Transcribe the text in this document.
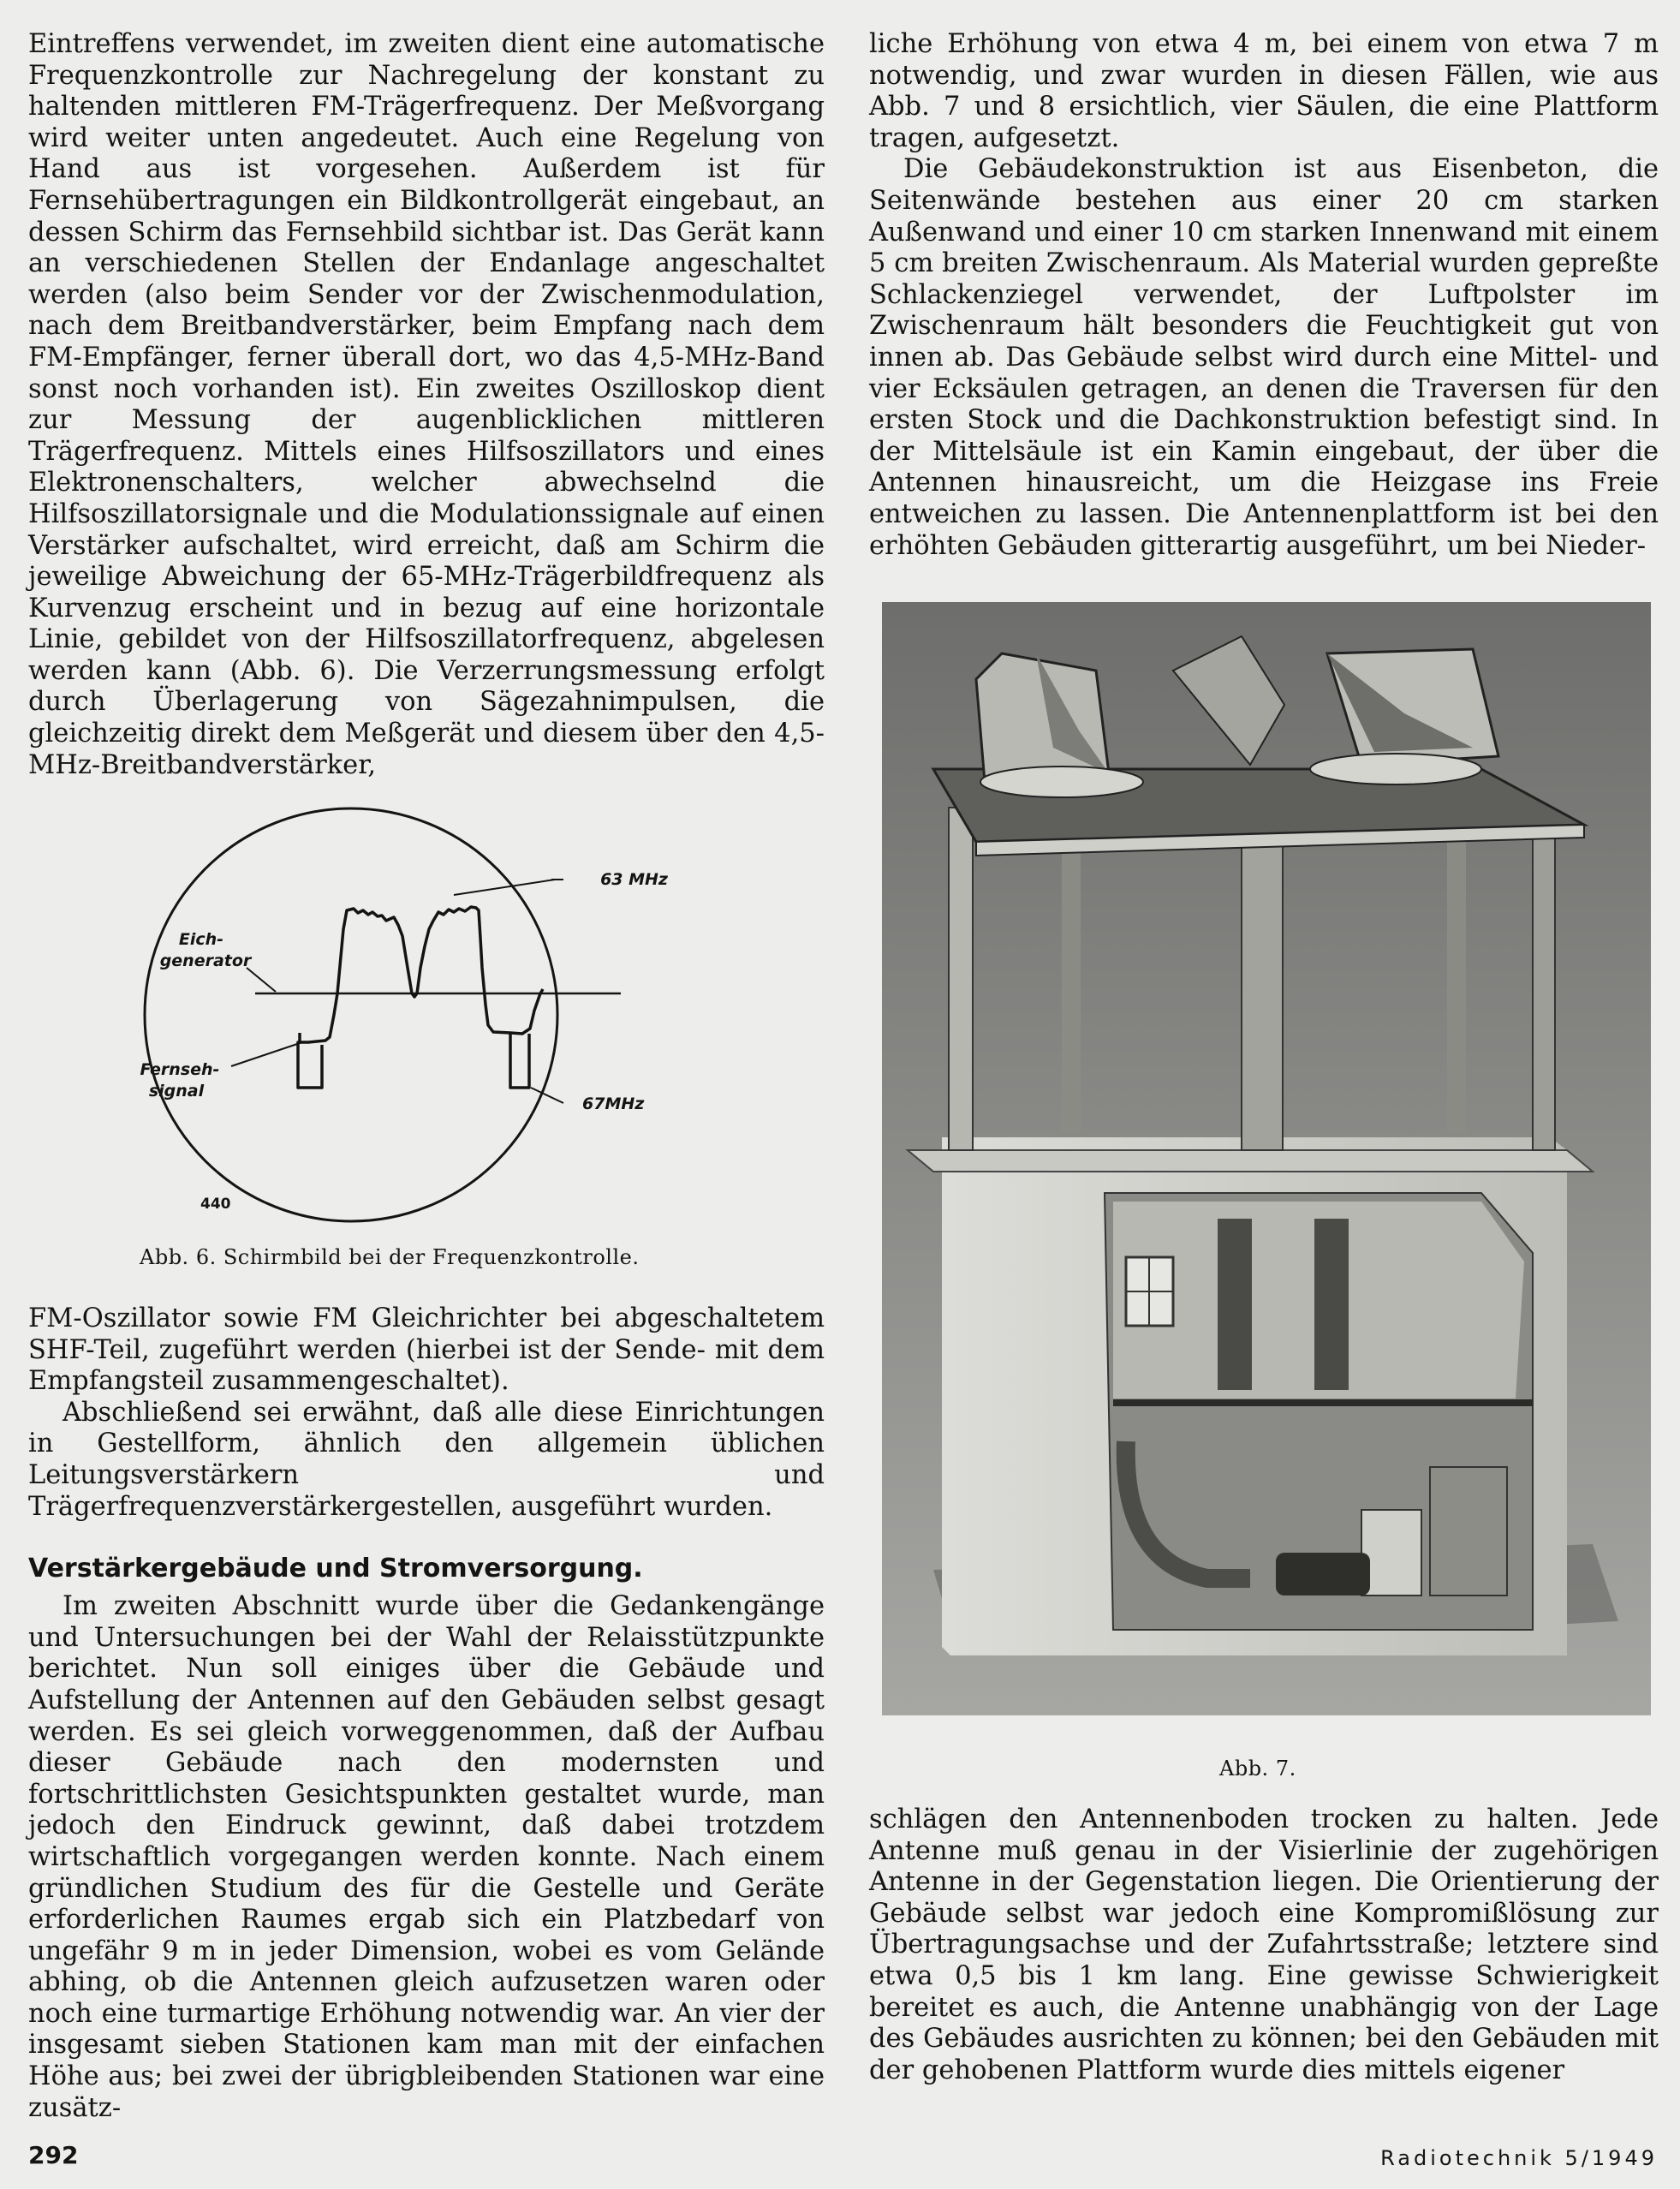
Eintreffens verwendet, im zweiten dient eine automatische Frequenzkontrolle zur Nachregelung der konstant zu haltenden mittleren FM-Trägerfrequenz. Der Meßvorgang wird weiter unten angedeutet. Auch eine Regelung von Hand aus ist vorgesehen. Außerdem ist für Fernsehübertragungen ein Bildkontrollgerät eingebaut, an dessen Schirm das Fernsehbild sichtbar ist. Das Gerät kann an verschiedenen Stellen der Endanlage angeschaltet werden (also beim Sender vor der Zwischenmodulation, nach dem Breitbandverstärker, beim Empfang nach dem FM-Empfänger, ferner überall dort, wo das 4,5-MHz-Band sonst noch vorhanden ist). Ein zweites Oszilloskop dient zur Messung der augenblicklichen mittleren Trägerfrequenz. Mittels eines Hilfsoszillators und eines Elektronenschalters, welcher abwechselnd die Hilfsoszillatorsignale und die Modulationssignale auf einen Verstärker aufschaltet, wird erreicht, daß am Schirm die jeweilige Abweichung der 65-MHz-Trägerbildfrequenz als Kurvenzug erscheint und in bezug auf eine horizontale Linie, gebildet von der Hilfsoszillatorfrequenz, abgelesen werden kann (Abb. 6). Die Verzerrungsmessung erfolgt durch Überlagerung von Sägezahnimpulsen, die gleichzeitig direkt dem Meßgerät und diesem über den 4,5-MHz-Breitbandverstärker,

63 MHz
67MHz
Eich-
generator
Fernseh-
signal
440
Abb. 6. Schirmbild bei der Frequenzkontrolle.

FM-Oszillator sowie FM Gleichrichter bei abgeschaltetem SHF-Teil, zugeführt werden (hierbei ist der Sende- mit dem Empfangsteil zusammengeschaltet).

Abschließend sei erwähnt, daß alle diese Einrichtungen in Gestellform, ähnlich den allgemein üblichen Leitungsverstärkern und Trägerfrequenzverstärkergestellen, ausgeführt wurden.

Verstärkergebäude und Stromversorgung.

Im zweiten Abschnitt wurde über die Gedankengänge und Untersuchungen bei der Wahl der Relaisstützpunkte berichtet. Nun soll einiges über die Gebäude und Aufstellung der Antennen auf den Gebäuden selbst gesagt werden. Es sei gleich vorweggenommen, daß der Aufbau dieser Gebäude nach den modernsten und fortschrittlichsten Gesichtspunkten gestaltet wurde, man jedoch den Eindruck gewinnt, daß dabei trotzdem wirtschaftlich vorgegangen werden konnte. Nach einem gründlichen Studium des für die Gestelle und Geräte erforderlichen Raumes ergab sich ein Platzbedarf von ungefähr 9 m in jeder Dimension, wobei es vom Gelände abhing, ob die Antennen gleich aufzusetzen waren oder noch eine turmartige Erhöhung notwendig war. An vier der insgesamt sieben Stationen kam man mit der einfachen Höhe aus; bei zwei der übrigbleibenden Stationen war eine zusätz-

liche Erhöhung von etwa 4 m, bei einem von etwa 7 m notwendig, und zwar wurden in diesen Fällen, wie aus Abb. 7 und 8 ersichtlich, vier Säulen, die eine Plattform tragen, aufgesetzt.

Die Gebäudekonstruktion ist aus Eisenbeton, die Seitenwände bestehen aus einer 20 cm starken Außenwand und einer 10 cm starken Innenwand mit einem 5 cm breiten Zwischenraum. Als Material wurden gepreßte Schlackenziegel verwendet, der Luftpolster im Zwischenraum hält besonders die Feuchtigkeit gut von innen ab. Das Gebäude selbst wird durch eine Mittel- und vier Ecksäulen getragen, an denen die Traversen für den ersten Stock und die Dachkonstruktion befestigt sind. In der Mittelsäule ist ein Kamin eingebaut, der über die Antennen hinausreicht, um die Heizgase ins Freie entweichen zu lassen. Die Antennenplattform ist bei den erhöhten Gebäuden gitterartig ausgeführt, um bei Nieder-

Abb. 7.

schlägen den Antennenboden trocken zu halten. Jede Antenne muß genau in der Visierlinie der zugehörigen Antenne in der Gegenstation liegen. Die Orientierung der Gebäude selbst war jedoch eine Kompromißlösung zur Übertragungsachse und der Zufahrtsstraße; letztere sind etwa 0,5 bis 1 km lang. Eine gewisse Schwierigkeit bereitet es auch, die Antenne unabhängig von der Lage des Gebäudes ausrichten zu können; bei den Gebäuden mit der gehobenen Plattform wurde dies mittels eigener

292	Radiotechnik 5/1949
